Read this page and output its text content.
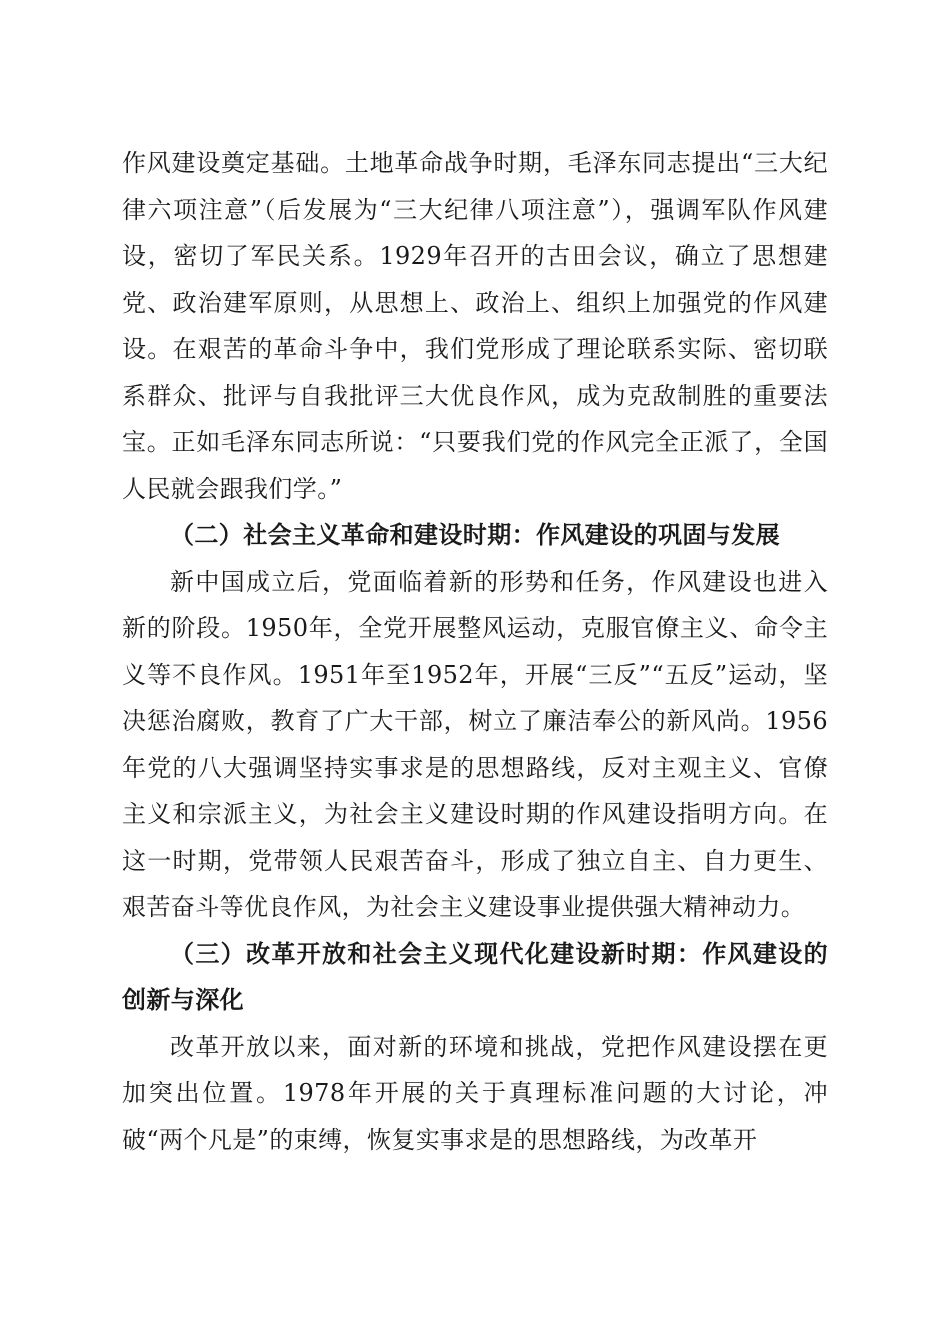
作风建设奠定基础。土地革命战争时期，毛泽东同志提出“三大纪律六项注意”（后发展为“三大纪律八项注意”），强调军队作风建设，密切了军民关系。1929年召开的古田会议，确立了思想建党、政治建军原则，从思想上、政治上、组织上加强党的作风建设。在艰苦的革命斗争中，我们党形成了理论联系实际、密切联系群众、批评与自我批评三大优良作风，成为克敌制胜的重要法宝。正如毛泽东同志所说：“只要我们党的作风完全正派了，全国人民就会跟我们学。”

（二）社会主义革命和建设时期：作风建设的巩固与发展

新中国成立后，党面临着新的形势和任务，作风建设也进入新的阶段。1950年，全党开展整风运动，克服官僚主义、命令主义等不良作风。1951年至1952年，开展“三反”“五反”运动，坚决惩治腐败，教育了广大干部，树立了廉洁奉公的新风尚。1956年党的八大强调坚持实事求是的思想路线，反对主观主义、官僚主义和宗派主义，为社会主义建设时期的作风建设指明方向。在这一时期，党带领人民艰苦奋斗，形成了独立自主、自力更生、艰苦奋斗等优良作风，为社会主义建设事业提供强大精神动力。

（三）改革开放和社会主义现代化建设新时期：作风建设的创新与深化

改革开放以来，面对新的环境和挑战，党把作风建设摆在更加突出位置。1978年开展的关于真理标准问题的大讨论，冲破“两个凡是”的束缚，恢复实事求是的思想路线，为改革开
